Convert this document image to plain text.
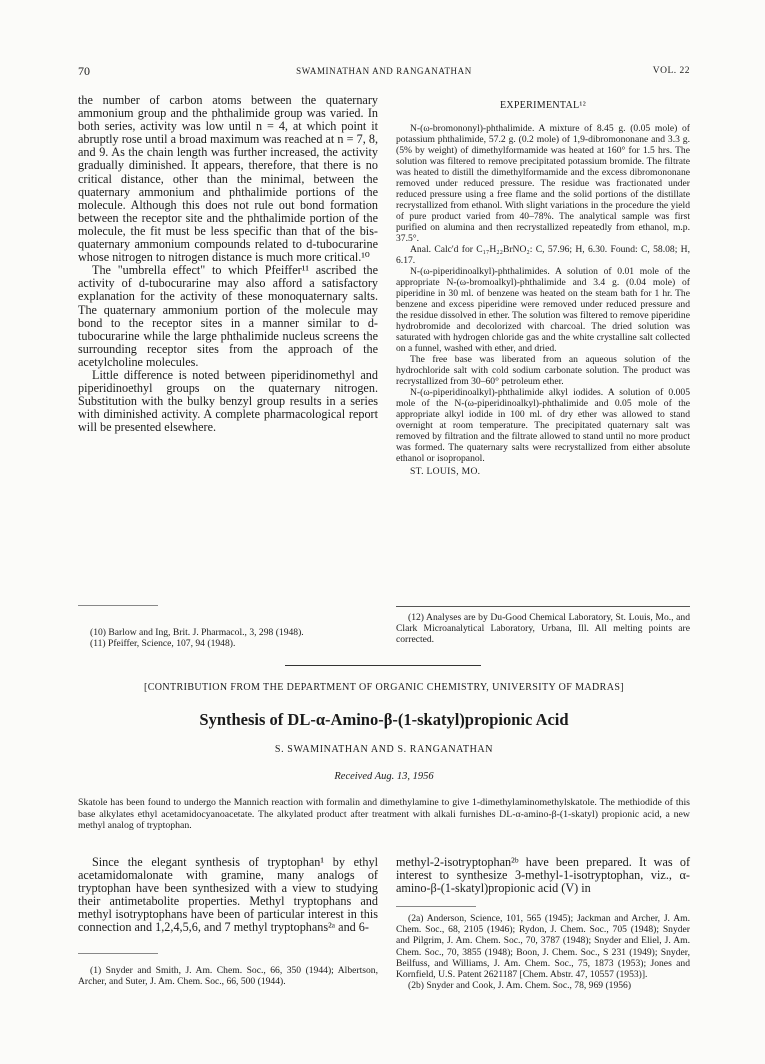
70	SWAMINATHAN AND RANGANATHAN	VOL. 22

the number of carbon atoms between the quaternary ammonium group and the phthalimide group was varied. In both series, activity was low until n = 4, at which point it abruptly rose until a broad maximum was reached at n = 7, 8, and 9. As the chain length was further increased, the activity gradually diminished. It appears, therefore, that there is no critical distance, other than the minimal, between the quaternary ammonium and phthalimide portions of the molecule. Although this does not rule out bond formation between the receptor site and the phthalimide portion of the molecule, the fit must be less specific than that of the bis-quaternary ammonium compounds related to d-tubocurarine whose nitrogen to nitrogen distance is much more critical.¹⁰

The "umbrella effect" to which Pfeiffer¹¹ ascribed the activity of d-tubocurarine may also afford a satisfactory explanation for the activity of these monoquaternary salts. The quaternary ammonium portion of the molecule may bond to the receptor sites in a manner similar to d-tubocurarine while the large phthalimide nucleus screens the surrounding receptor sites from the approach of the acetylcholine molecules.

Little difference is noted between piperidinomethyl and piperidinoethyl groups on the quaternary nitrogen. Substitution with the bulky benzyl group results in a series with diminished activity. A complete pharmacological report will be presented elsewhere.

(10) Barlow and Ing, Brit. J. Pharmacol., 3, 298 (1948).

(11) Pfeiffer, Science, 107, 94 (1948).

EXPERIMENTAL¹²

N-(ω-bromononyl)-phthalimide. A mixture of 8.45 g. (0.05 mole) of potassium phthalimide, 57.2 g. (0.2 mole) of 1,9-dibromononane and 3.3 g. (5% by weight) of dimethylformamide was heated at 160° for 1.5 hrs. The solution was filtered to remove precipitated potassium bromide. The filtrate was heated to distill the dimethylformamide and the excess dibromononane removed under reduced pressure. The residue was fractionated under reduced pressure using a free flame and the solid portions of the distillate recrystallized from ethanol. With slight variations in the procedure the yield of pure product varied from 40–78%. The analytical sample was first purified on alumina and then recrystallized repeatedly from ethanol, m.p. 37.5°.

Anal. Calc'd for C₁₇H₂₂BrNO₂: C, 57.96; H, 6.30. Found: C, 58.08; H, 6.17.

N-(ω-piperidinoalkyl)-phthalimides. A solution of 0.01 mole of the appropriate N-(ω-bromoalkyl)-phthalimide and 3.4 g. (0.04 mole) of piperidine in 30 ml. of benzene was heated on the steam bath for 1 hr. The benzene and excess piperidine were removed under reduced pressure and the residue dissolved in ether. The solution was filtered to remove piperidine hydrobromide and decolorized with charcoal. The dried solution was saturated with hydrogen chloride gas and the white crystalline salt collected on a funnel, washed with ether, and dried.

The free base was liberated from an aqueous solution of the hydrochloride salt with cold sodium carbonate solution. The product was recrystallized from 30–60° petroleum ether.

N-(ω-piperidinoalkyl)-phthalimide alkyl iodides. A solution of 0.005 mole of the N-(ω-piperidinoalkyl)-phthalimide and 0.05 mole of the appropriate alkyl iodide in 100 ml. of dry ether was allowed to stand overnight at room temperature. The precipitated quaternary salt was removed by filtration and the filtrate allowed to stand until no more product was formed. The quaternary salts were recrystallized from either absolute ethanol or isopropanol.

ST. LOUIS, MO.

(12) Analyses are by Du-Good Chemical Laboratory, St. Louis, Mo., and Clark Microanalytical Laboratory, Urbana, Ill. All melting points are corrected.

[CONTRIBUTION FROM THE DEPARTMENT OF ORGANIC CHEMISTRY, UNIVERSITY OF MADRAS]
Synthesis of DL-α-Amino-β-(1-skatyl)propionic Acid
S. SWAMINATHAN AND S. RANGANATHAN
Received Aug. 13, 1956
Skatole has been found to undergo the Mannich reaction with formalin and dimethylamine to give 1-dimethylaminomethylskatole. The methiodide of this base alkylates ethyl acetamidocyanoacetate. The alkylated product after treatment with alkali furnishes DL-α-amino-β-(1-skatyl) propionic acid, a new methyl analog of tryptophan.

Since the elegant synthesis of tryptophan¹ by ethyl acetamidomalonate with gramine, many analogs of tryptophan have been synthesized with a view to studying their antimetabolite properties. Methyl tryptophans and methyl isotryptophans have been of particular interest in this connection and 1,2,4,5,6, and 7 methyl tryptophans²ᵃ and 6-

(1) Snyder and Smith, J. Am. Chem. Soc., 66, 350 (1944); Albertson, Archer, and Suter, J. Am. Chem. Soc., 66, 500 (1944).

methyl-2-isotryptophan²ᵇ have been prepared. It was of interest to synthesize 3-methyl-1-isotryptophan, viz., α-amino-β-(1-skatyl)propionic acid (V) in

(2a) Anderson, Science, 101, 565 (1945); Jackman and Archer, J. Am. Chem. Soc., 68, 2105 (1946); Rydon, J. Chem. Soc., 705 (1948); Snyder and Pilgrim, J. Am. Chem. Soc., 70, 3787 (1948); Snyder and Eliel, J. Am. Chem. Soc., 70, 3855 (1948); Boon, J. Chem. Soc., S 231 (1949); Snyder, Beilfuss, and Williams, J. Am. Chem. Soc., 75, 1873 (1953); Jones and Kornfield, U.S. Patent 2621187 [Chem. Abstr. 47, 10557 (1953)].

(2b) Snyder and Cook, J. Am. Chem. Soc., 78, 969 (1956)
